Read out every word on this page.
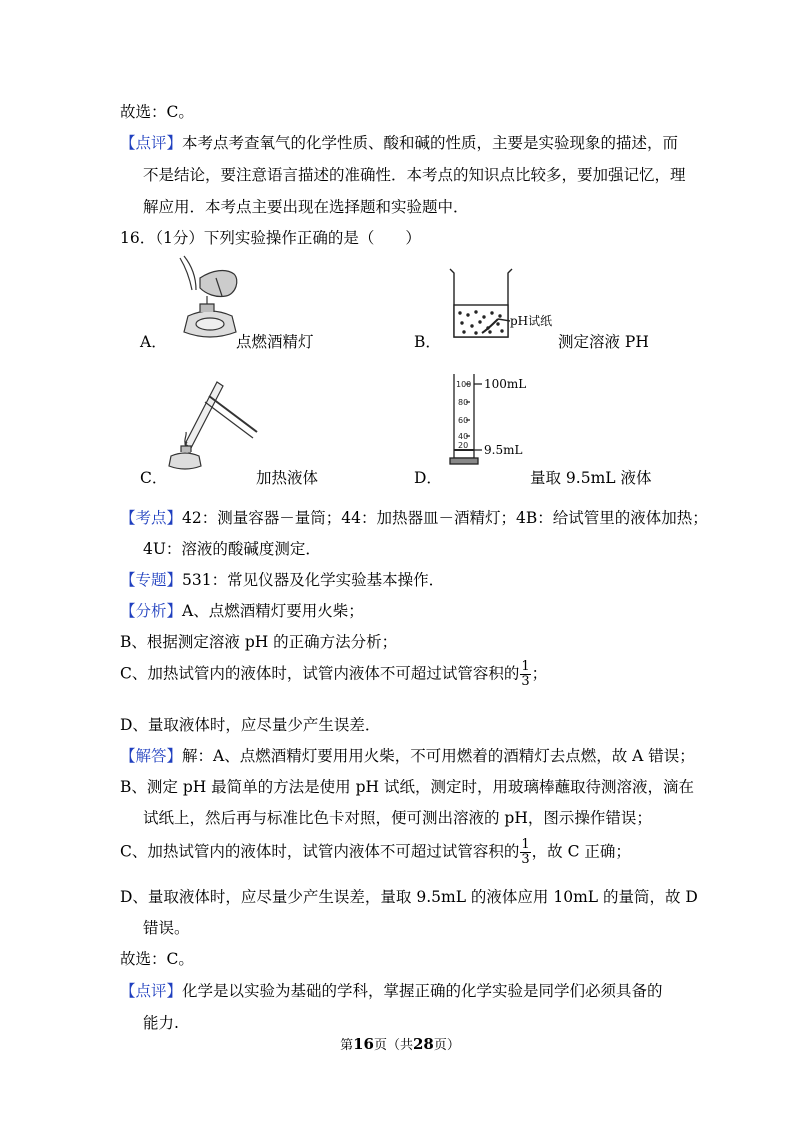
故选：C。
【点评】本考点考查氧气的化学性质、酸和碱的性质，主要是实验现象的描述，而
不是结论，要注意语言描述的准确性．本考点的知识点比较多，要加强记忆，理
解应用．本考点主要出现在选择题和实验题中．
16．（1分）下列实验操作正确的是（　　）
A．	点燃酒精灯	B．
pH试纸
测定溶液 PH
C．	加热液体	D．
100
80
60
40
20
100mL
9.5mL
量取 9.5mL 液体
【考点】42：测量容器－量筒；44：加热器皿－酒精灯；4B：给试管里的液体加热；
4U：溶液的酸碱度测定．
【专题】531：常见仪器及化学实验基本操作．
【分析】A、点燃酒精灯要用火柴；
B、根据测定溶液 pH 的正确方法分析；
C、加热试管内的液体时，试管内液体不可超过试管容积的 $\frac{1}{3}$ ；
D、量取液体时，应尽量少产生误差．
【解答】解：A、点燃酒精灯要用用火柴，不可用燃着的酒精灯去点燃，故 A 错误；
B、测定 pH 最简单的方法是使用 pH 试纸，测定时，用玻璃棒蘸取待测溶液，滴在
试纸上，然后再与标准比色卡对照，便可测出溶液的 pH，图示操作错误；
C、加热试管内的液体时，试管内液体不可超过试管容积的 $\frac{1}{3}$ ，故 C 正确；
D、量取液体时，应尽量少产生误差，量取 9.5mL 的液体应用 10mL 的量筒，故 D
错误。
故选：C。
【点评】化学是以实验为基础的学科，掌握正确的化学实验是同学们必须具备的
能力.
第16页（共28页）
